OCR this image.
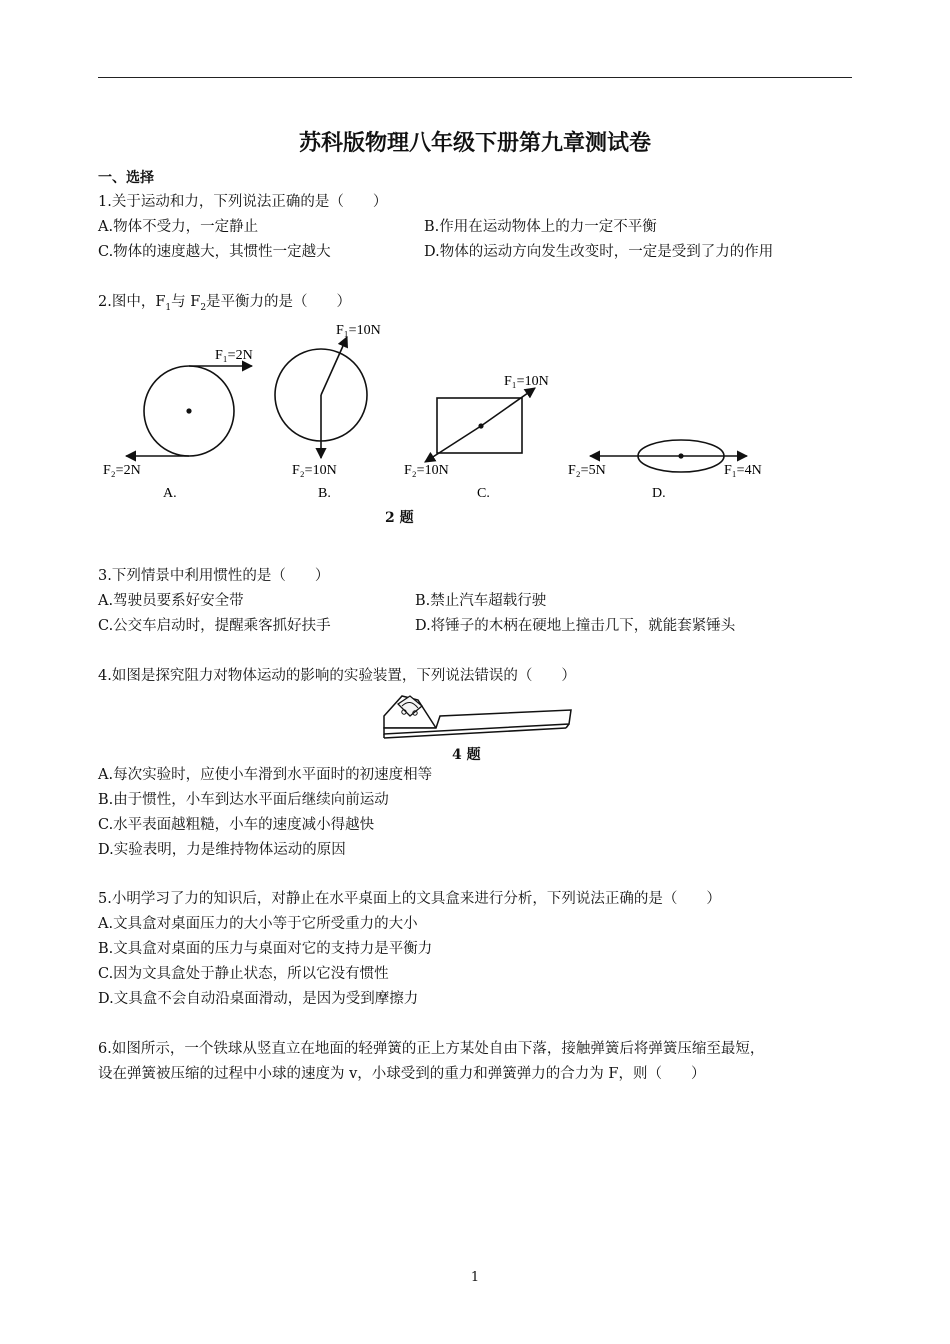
苏科版物理八年级下册第九章测试卷
一、选择
1.关于运动和力，下列说法正确的是（　　）
A.物体不受力，一定静止	B.作用在运动物体上的力一定不平衡
C.物体的速度越大，其惯性一定越大	D.物体的运动方向发生改变时，一定是受到了力的作用
2.图中，$F_1$与 $F_2$是平衡力的是（　　）
F₁=2N
F₂=2N
A.
F₁=10N
F₂=10N
B.
F₁=10N
F₂=10N
C.
F₁=4N
F₂=5N
D.
2 题
3.下列情景中利用惯性的是（　　）
A.驾驶员要系好安全带	B.禁止汽车超载行驶
C.公交车启动时，提醒乘客抓好扶手	D.将锤子的木柄在硬地上撞击几下，就能套紧锤头
4.如图是探究阻力对物体运动的影响的实验装置，下列说法错误的（　　）
4 题
A.每次实验时，应使小车滑到水平面时的初速度相等
B.由于惯性，小车到达水平面后继续向前运动
C.水平表面越粗糙，小车的速度减小得越快
D.实验表明，力是维持物体运动的原因
5.小明学习了力的知识后，对静止在水平桌面上的文具盒来进行分析，下列说法正确的是（　　）
A.文具盒对桌面压力的大小等于它所受重力的大小
B.文具盒对桌面的压力与桌面对它的支持力是平衡力
C.因为文具盒处于静止状态，所以它没有惯性
D.文具盒不会自动沿桌面滑动，是因为受到摩擦力
6.如图所示，一个铁球从竖直立在地面的轻弹簧的正上方某处自由下落，接触弹簧后将弹簧压缩至最短，
设在弹簧被压缩的过程中小球的速度为 v，小球受到的重力和弹簧弹力的合力为 F，则（　　）
1
